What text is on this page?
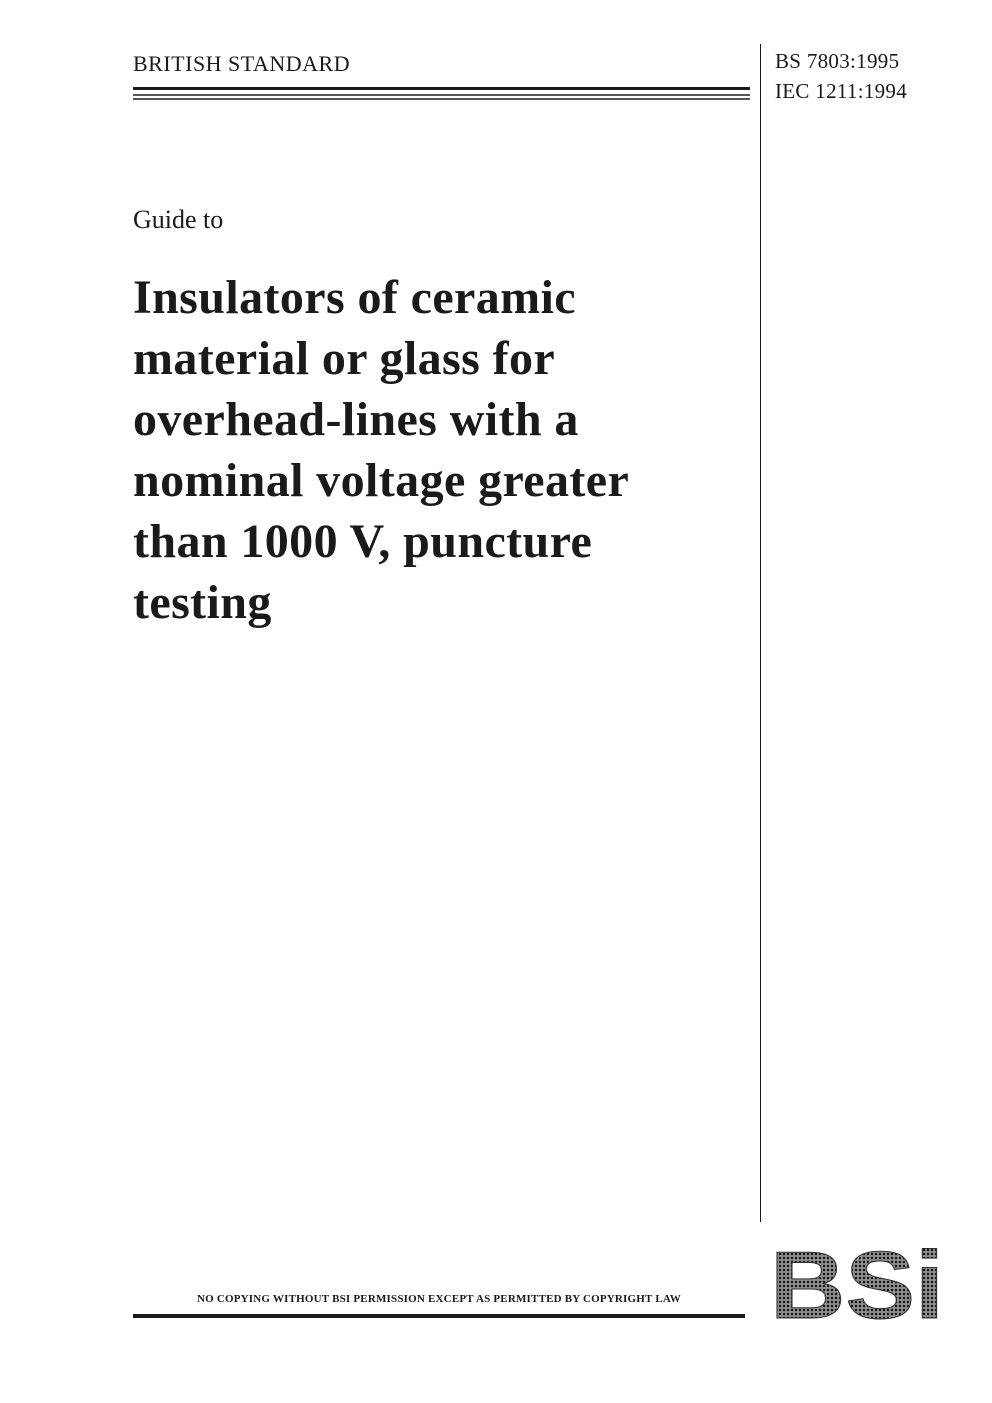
BRITISH STANDARD	BS 7803:1995
IEC 1211:1994
Guide to
Insulators of ceramic
material or glass for
overhead-lines with a
nominal voltage greater
than 1000 V, puncture
testing
NO COPYING WITHOUT BSI PERMISSION EXCEPT AS PERMITTED BY COPYRIGHT LAW BSi
